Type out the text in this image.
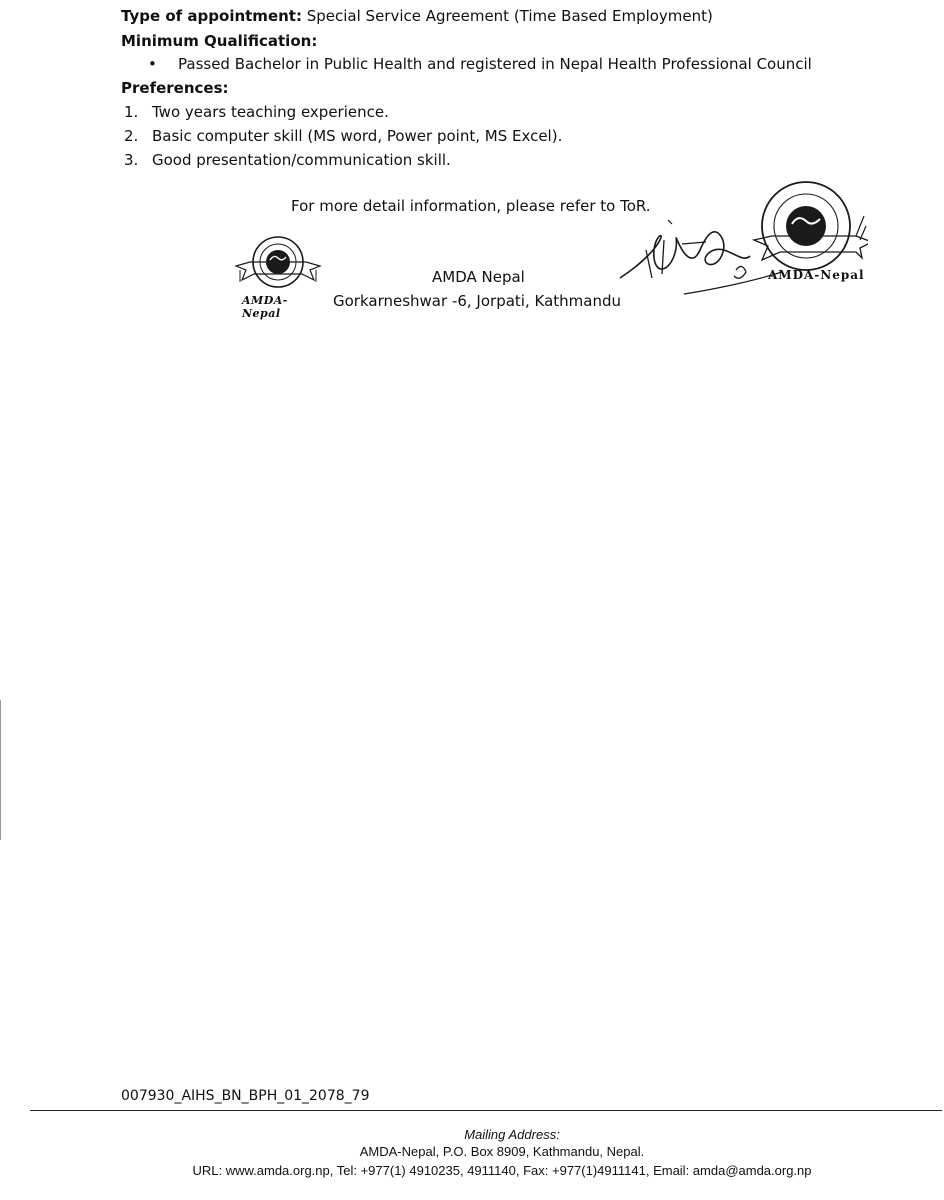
Type of appointment: Special Service Agreement (Time Based Employment)
Minimum Qualification:
• Passed Bachelor in Public Health and registered in Nepal Health Professional Council
Preferences:
1. Two years teaching experience.
2. Basic computer skill (MS word, Power point, MS Excel).
3. Good presentation/communication skill.
For more detail information, please refer to ToR.
AMDA-Nepal
AMDA Nepal
Gorkarneshwar -6, Jorpati, Kathmandu
AMDA-Nepal
007930_AIHS_BN_BPH_01_2078_79
Mailing Address:
AMDA-Nepal, P.O. Box 8909, Kathmandu, Nepal.
URL: www.amda.org.np, Tel: +977(1) 4910235, 4911140, Fax: +977(1)4911141, Email: amda@amda.org.np
